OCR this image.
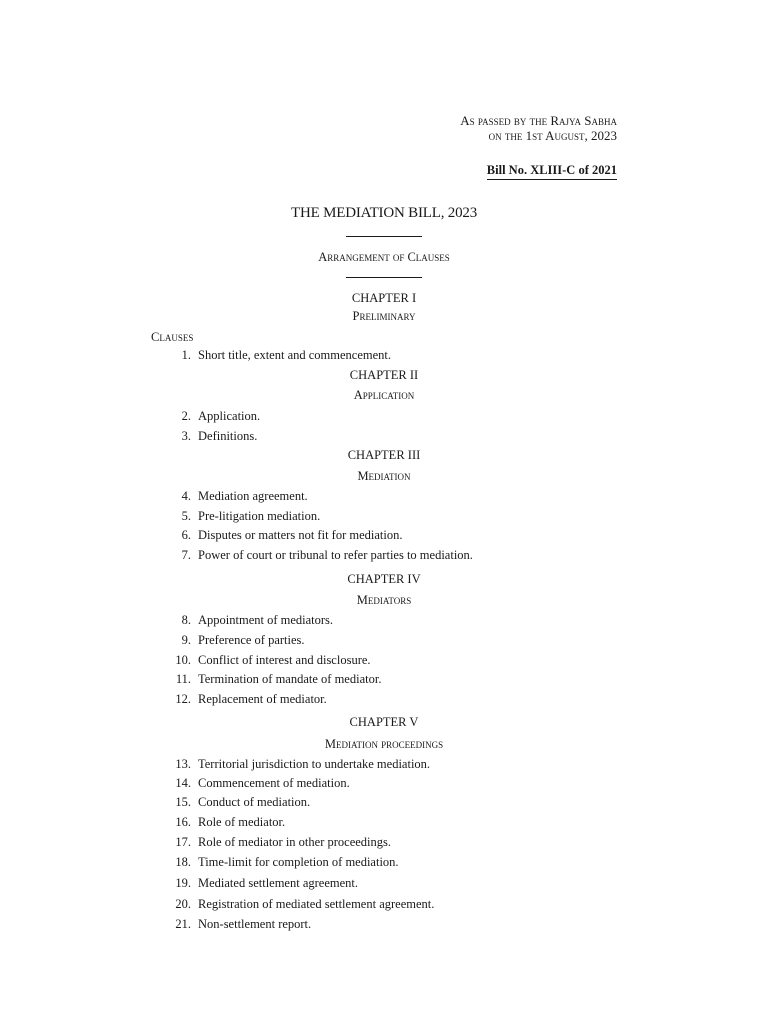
As passed by the Rajya Sabha
on the 1st August, 2023
Bill No. XLIII-C of 2021
THE MEDIATION BILL, 2023
Arrangement of Clauses
CHAPTER I
Preliminary
Clauses
1. Short title, extent and commencement.
CHAPTER II
Application
2. Application.
3. Definitions.
CHAPTER III
Mediation
4. Mediation agreement.
5. Pre-litigation mediation.
6. Disputes or matters not fit for mediation.
7. Power of court or tribunal to refer parties to mediation.
CHAPTER IV
Mediators
8. Appointment of mediators.
9. Preference of parties.
10. Conflict of interest and disclosure.
11. Termination of mandate of mediator.
12. Replacement of mediator.
CHAPTER V
Mediation proceedings
13. Territorial jurisdiction to undertake mediation.
14. Commencement of mediation.
15. Conduct of mediation.
16. Role of mediator.
17. Role of mediator in other proceedings.
18. Time-limit for completion of mediation.
19. Mediated settlement agreement.
20. Registration of mediated settlement agreement.
21. Non-settlement report.
